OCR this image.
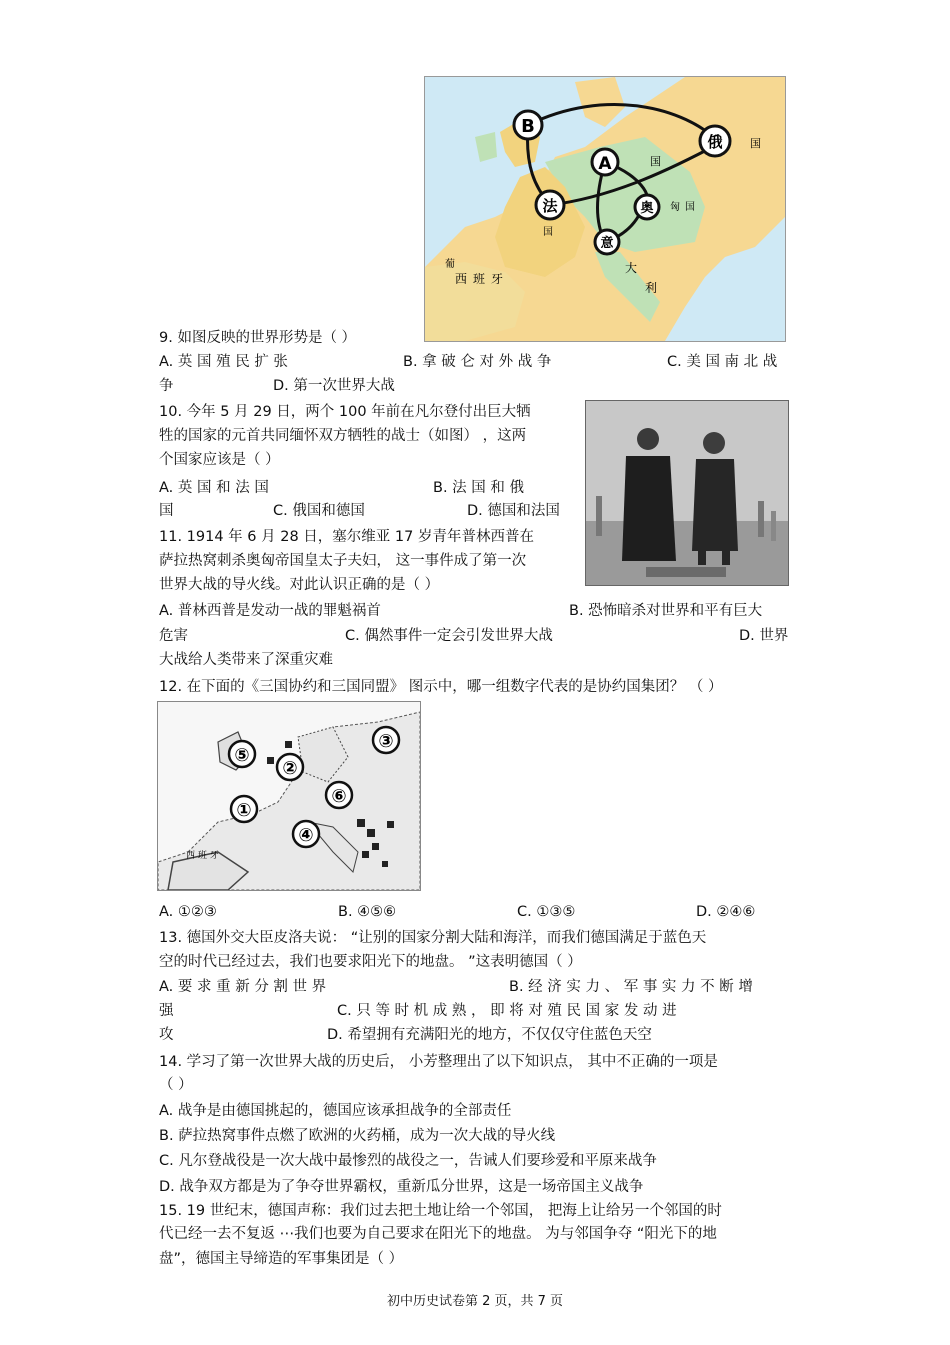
B
俄
A
法	奥
意
国
国
匈 国
国
西 班 牙
大
利
葡
9. 如图反映的世界形势是（ ）
A. 英 国 殖 民 扩 张	B. 拿 破 仑 对 外 战 争	C. 美 国 南 北 战
争	D. 第一次世界大战
10. 今年 5 月 29 日，两个 100 年前在凡尔登付出巨大牺
牲的国家的元首共同缅怀双方牺牲的战士（如图） ，这两
个国家应该是（ ）
A. 英 国 和 法 国	B. 法 国 和 俄
国	C. 俄国和德国	D. 德国和法国
11. 1914 年 6 月 28 日，塞尔维亚 17 岁青年普林西普在
萨拉热窝刺杀奥匈帝国皇太子夫妇， 这一事件成了第一次
世界大战的导火线。对此认识正确的是（ ）
A. 普林西普是发动一战的罪魁祸首	B. 恐怖暗杀对世界和平有巨大
危害	C. 偶然事件一定会引发世界大战	D. 世界
大战给人类带来了深重灾难
12. 在下面的《三国协约和三国同盟》 图示中，哪一组数字代表的是协约国集团？ （ ）
⑤
②
③
①
⑥
④
西 班 牙
A. ①②③	B. ④⑤⑥	C. ①③⑤	D. ②④⑥
13. 德国外交大臣皮洛夫说： “让别的国家分割大陆和海洋，而我们德国满足于蓝色天
空的时代已经过去，我们也要求阳光下的地盘。 ”这表明德国（ ）
A. 要 求 重 新 分 割 世 界	B. 经 济 实 力 、 军 事 实 力 不 断 增
强	C. 只 等 时 机 成 熟 ， 即 将 对 殖 民 国 家 发 动 进
攻	D. 希望拥有充满阳光的地方，不仅仅守住蓝色天空
14. 学习了第一次世界大战的历史后， 小芳整理出了以下知识点， 其中不正确的一项是
（ ）
A. 战争是由德国挑起的，德国应该承担战争的全部责任
B. 萨拉热窝事件点燃了欧洲的火药桶，成为一次大战的导火线
C. 凡尔登战役是一次大战中最惨烈的战役之一，告诫人们要珍爱和平原来战争
D. 战争双方都是为了争夺世界霸权，重新瓜分世界，这是一场帝国主义战争
15. 19 世纪末，德国声称：我们过去把土地让给一个邻国， 把海上让给另一个邻国的时
代已经一去不复返 ⋯我们也要为自己要求在阳光下的地盘。 为与邻国争夺 “阳光下的地
盘”，德国主导缔造的军事集团是（ ）
初中历史试卷第 2 页，共 7 页
